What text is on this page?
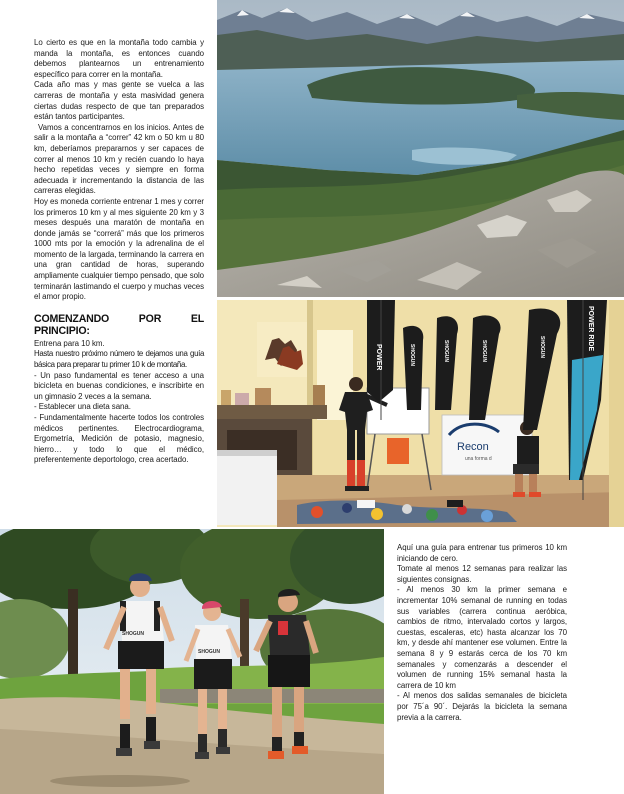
Lo cierto es que en la montaña todo cambia y manda la montaña, es entonces cuando debemos plantearnos un entrenamiento específico para correr en la montaña.

Cada año mas y mas gente se vuelca a las carreras de montaña y esta masividad genera ciertas dudas respecto de que tan preparados están tantos participantes.

Vamos a concentrarnos en los inicios. Antes de salir a la montaña a “correr” 42 km o 50 km u 80 km, deberíamos prepararnos y ser capaces de correr al menos 10 km y recién cuando lo haya hecho repetidas veces y siempre en forma adecuada ir incrementando la distancia de las carreras elegidas.

Hoy es moneda corriente entrenar 1 mes y correr los primeros 10 km y al mes siguiente 20 km y 3 meses después una maratón de montaña en donde jamás se “correrá” más que los primeros 1000 mts por la emoción y la adrenalina de el momento de la largada, terminando la carrera en una gran cantidad de horas, superando ampliamente cualquier tiempo pensado, que solo terminarán lastimando el cuerpo y muchas veces el amor propio.

COMENZANDO POR EL PRINCIPIO:

Entrena para 10 km.

Hasta nuestro próximo número te dejamos una guía básica para preparar tu primer 10 k de montaña.

- Un paso fundamental es tener acceso a una bicicleta en buenas condiciones, e inscribirte en un gimnasio 2 veces a la semana.

- Establecer una dieta sana.

- Fundamentalmente hacerte todos los controles médicos pertinentes. Electrocardiograma, Ergometría, Medición de potasio, magnesio, hierro… y todo lo que el médico, preferentemente deportologo, crea acertado.

Recon
una forma d
POWER	SHOGUN	SHOGUN	SHOGUN	SHOGUN	POWER RIDE
SHOGUN
SHOGUN

Aquí una guía para entrenar tus primeros 10 km iniciando de cero.

Tomate al menos 12 semanas para realizar las siguientes consignas.

- Al menos 30 km la primer semana e incrementar 10% semanal de running en todas sus variables (carrera continua aeróbica, cambios de ritmo, intervalado cortos y largos, cuestas, escaleras, etc) hasta alcanzar los 70 km, y desde ahí mantener ese volumen. Entre la semana 8 y 9 estarás cerca de los 70 km semanales y comenzarás a descender el volumen de running 15% semanal hasta la carrera de 10 km

- Al menos dos salidas semanales de bicicleta por 75´a 90´. Dejarás la bicicleta la semana previa a la carrera.
